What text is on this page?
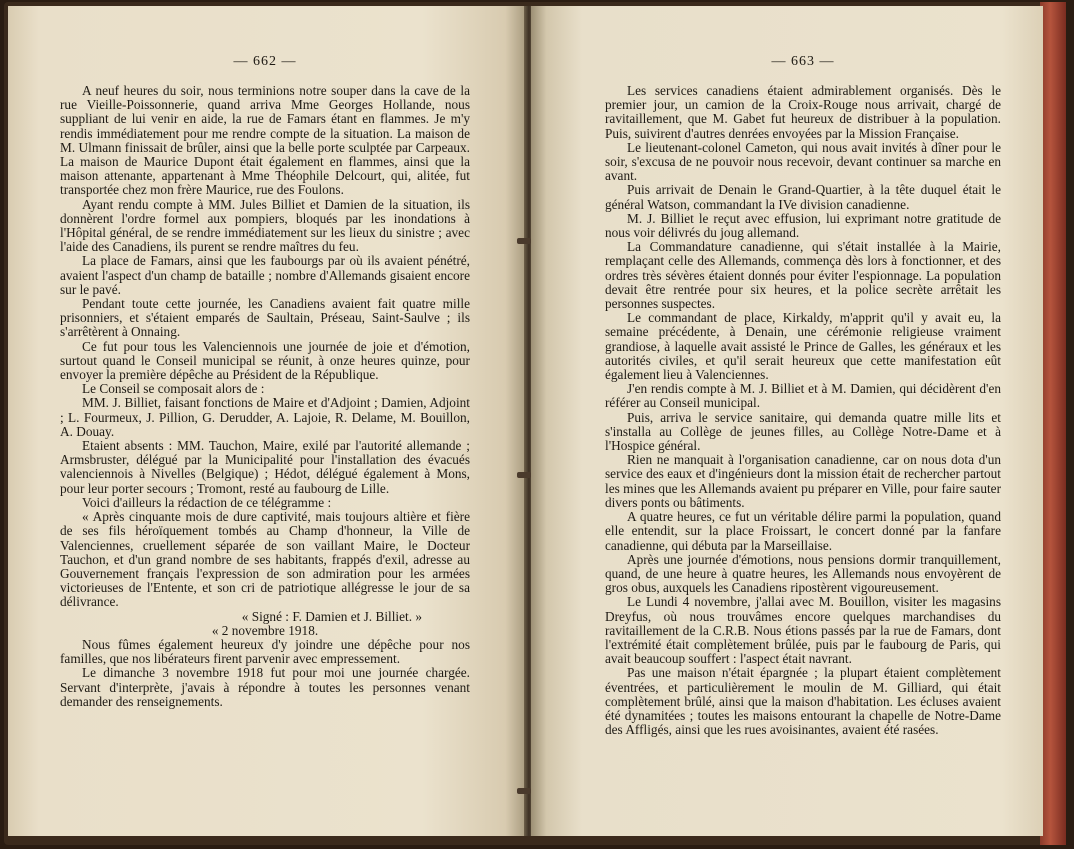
— 662 —

A neuf heures du soir, nous terminions notre souper dans la cave de la rue Vieille-Poissonnerie, quand arriva Mme Georges Hollande, nous suppliant de lui venir en aide, la rue de Famars étant en flammes. Je m'y rendis immédiatement pour me rendre compte de la situation. La maison de M. Ulmann finissait de brûler, ainsi que la belle porte sculptée par Carpeaux. La maison de Maurice Dupont était également en flammes, ainsi que la maison attenante, appartenant à Mme Théophile Delcourt, qui, alitée, fut transportée chez mon frère Maurice, rue des Foulons.

Ayant rendu compte à MM. Jules Billiet et Damien de la situation, ils donnèrent l'ordre formel aux pompiers, bloqués par les inondations à l'Hôpital général, de se rendre immédiatement sur les lieux du sinistre ; avec l'aide des Canadiens, ils purent se rendre maîtres du feu.

La place de Famars, ainsi que les faubourgs par où ils avaient pénétré, avaient l'aspect d'un champ de bataille ; nombre d'Allemands gisaient encore sur le pavé.

Pendant toute cette journée, les Canadiens avaient fait quatre mille prisonniers, et s'étaient emparés de Saultain, Préseau, Saint-Saulve ; ils s'arrêtèrent à Onnaing.

Ce fut pour tous les Valenciennois une journée de joie et d'émotion, surtout quand le Conseil municipal se réunit, à onze heures quinze, pour envoyer la première dépêche au Président de la République.

Le Conseil se composait alors de :

MM. J. Billiet, faisant fonctions de Maire et d'Adjoint ; Damien, Adjoint ; L. Fourmeux, J. Pillion, G. Derudder, A. Lajoie, R. Delame, M. Bouillon, A. Douay.

Etaient absents : MM. Tauchon, Maire, exilé par l'autorité allemande ; Armsbruster, délégué par la Municipalité pour l'installation des évacués valenciennois à Nivelles (Belgique) ; Hédot, délégué également à Mons, pour leur porter secours ; Tromont, resté au faubourg de Lille.

Voici d'ailleurs la rédaction de ce télégramme :

« Après cinquante mois de dure captivité, mais toujours altière et fière de ses fils héroïquement tombés au Champ d'honneur, la Ville de Valenciennes, cruellement séparée de son vaillant Maire, le Docteur Tauchon, et d'un grand nombre de ses habitants, frappés d'exil, adresse au Gouvernement français l'expression de son admiration pour les armées victorieuses de l'Entente, et son cri de patriotique allégresse le jour de sa délivrance.

« Signé : F. Damien et J. Billiet. »

« 2 novembre 1918.

Nous fûmes également heureux d'y joindre une dépêche pour nos familles, que nos libérateurs firent parvenir avec empressement.

Le dimanche 3 novembre 1918 fut pour moi une journée chargée. Servant d'interprète, j'avais à répondre à toutes les personnes venant demander des renseignements.

— 663 —

Les services canadiens étaient admirablement organisés. Dès le premier jour, un camion de la Croix-Rouge nous arrivait, chargé de ravitaillement, que M. Gabet fut heureux de distribuer à la population. Puis, suivirent d'autres denrées envoyées par la Mission Française.

Le lieutenant-colonel Cameton, qui nous avait invités à dîner pour le soir, s'excusa de ne pouvoir nous recevoir, devant continuer sa marche en avant.

Puis arrivait de Denain le Grand-Quartier, à la tête duquel était le général Watson, commandant la IVe division canadienne.

M. J. Billiet le reçut avec effusion, lui exprimant notre gratitude de nous voir délivrés du joug allemand.

La Commandature canadienne, qui s'était installée à la Mairie, remplaçant celle des Allemands, commença dès lors à fonctionner, et des ordres très sévères étaient donnés pour éviter l'espionnage. La population devait être rentrée pour six heures, et la police secrète arrêtait les personnes suspectes.

Le commandant de place, Kirkaldy, m'apprit qu'il y avait eu, la semaine précédente, à Denain, une cérémonie religieuse vraiment grandiose, à laquelle avait assisté le Prince de Galles, les généraux et les autorités civiles, et qu'il serait heureux que cette manifestation eût également lieu à Valenciennes.

J'en rendis compte à M. J. Billiet et à M. Damien, qui décidèrent d'en référer au Conseil municipal.

Puis, arriva le service sanitaire, qui demanda quatre mille lits et s'installa au Collège de jeunes filles, au Collège Notre-Dame et à l'Hospice général.

Rien ne manquait à l'organisation canadienne, car on nous dota d'un service des eaux et d'ingénieurs dont la mission était de rechercher partout les mines que les Allemands avaient pu préparer en Ville, pour faire sauter divers ponts ou bâtiments.

A quatre heures, ce fut un véritable délire parmi la population, quand elle entendit, sur la place Froissart, le concert donné par la fanfare canadienne, qui débuta par la Marseillaise.

Après une journée d'émotions, nous pensions dormir tranquillement, quand, de une heure à quatre heures, les Allemands nous envoyèrent de gros obus, auxquels les Canadiens ripostèrent vigoureusement.

Le Lundi 4 novembre, j'allai avec M. Bouillon, visiter les magasins Dreyfus, où nous trouvâmes encore quelques marchandises du ravitaillement de la C.R.B. Nous étions passés par la rue de Famars, dont l'extrémité était complètement brûlée, puis par le faubourg de Paris, qui avait beaucoup souffert : l'aspect était navrant.

Pas une maison n'était épargnée ; la plupart étaient complètement éventrées, et particulièrement le moulin de M. Gilliard, qui était complètement brûlé, ainsi que la maison d'habitation. Les écluses avaient été dynamitées ; toutes les maisons entourant la chapelle de Notre-Dame des Affligés, ainsi que les rues avoisinantes, avaient été rasées.
